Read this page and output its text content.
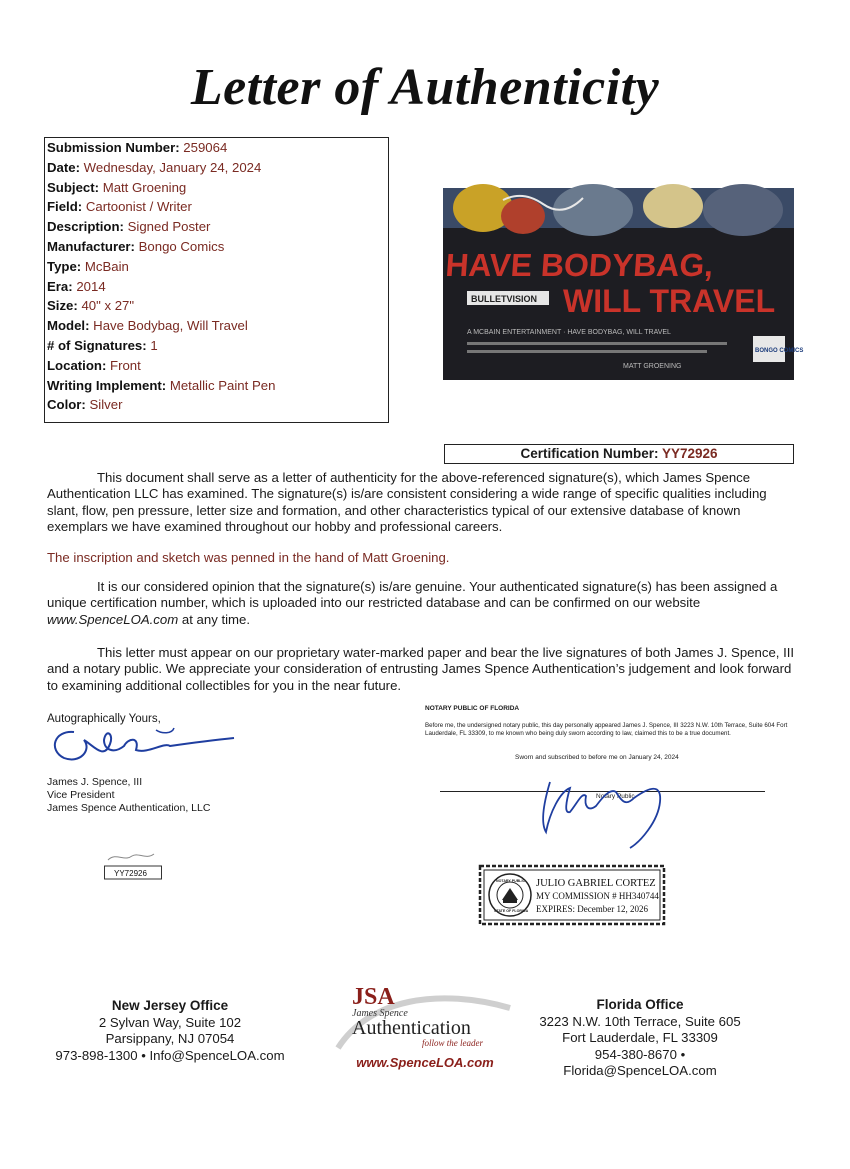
Letter of Authenticity
Submission Number: 259064
Date: Wednesday, January 24, 2024
Subject: Matt Groening
Field: Cartoonist / Writer
Description: Signed Poster
Manufacturer: Bongo Comics
Type: McBain
Era: 2014
Size: 40" x 27"
Model: Have Bodybag, Will Travel
# of Signatures: 1
Location: Front
Writing Implement: Metallic Paint Pen
Color: Silver
HAVE BODYBAG,
WILL TRAVEL
BULLETVISION
A MCBAIN ENTERTAINMENT · HAVE BODYBAG, WILL TRAVEL
MATT GROENING
BONGO COMICS
Certification Number: YY72926
This document shall serve as a letter of authenticity for the above-referenced signature(s), which James Spence Authentication LLC has examined. The signature(s) is/are consistent considering a wide range of specific qualities including slant, flow, pen pressure, letter size and formation, and other characteristics typical of our extensive database of known exemplars we have examined throughout our hobby and professional careers.
The inscription and sketch was penned in the hand of Matt Groening.
It is our considered opinion that the signature(s) is/are genuine. Your authenticated signature(s) has been assigned a unique certification number, which is uploaded into our restricted database and can be confirmed on our website www.SpenceLOA.com at any time.
This letter must appear on our proprietary water-marked paper and bear the live signatures of both James J. Spence, III and a notary public. We appreciate your consideration of entrusting James Spence Authentication’s judgement and look forward to examining additional collectibles for you in the near future.
Autographically Yours,
James J. Spence, III
Vice President
James Spence Authentication, LLC
YY72926
NOTARY PUBLIC OF FLORIDA
Before me, the undersigned notary public, this day personally appeared James J. Spence, III 3223 N.W. 10th Terrace, Suite 604 Fort Lauderdale, FL 33309, to me known who being duly sworn according to law, claimed this to be a true document.
Sworn and subscribed to before me on January 24, 2024
Notary Public
NOTARY PUBLIC
STATE OF FLORIDA
JULIO GABRIEL CORTEZ
MY COMMISSION # HH340744
EXPIRES: December 12, 2026
New Jersey Office
2 Sylvan Way, Suite 102
Parsippany, NJ 07054
973-898-1300 • Info@SpenceLOA.com
JSA
James Spence
Authentication
follow the leader
www.SpenceLOA.com
Florida Office
3223 N.W. 10th Terrace, Suite 605
Fort Lauderdale, FL 33309
954-380-8670 • Florida@SpenceLOA.com
